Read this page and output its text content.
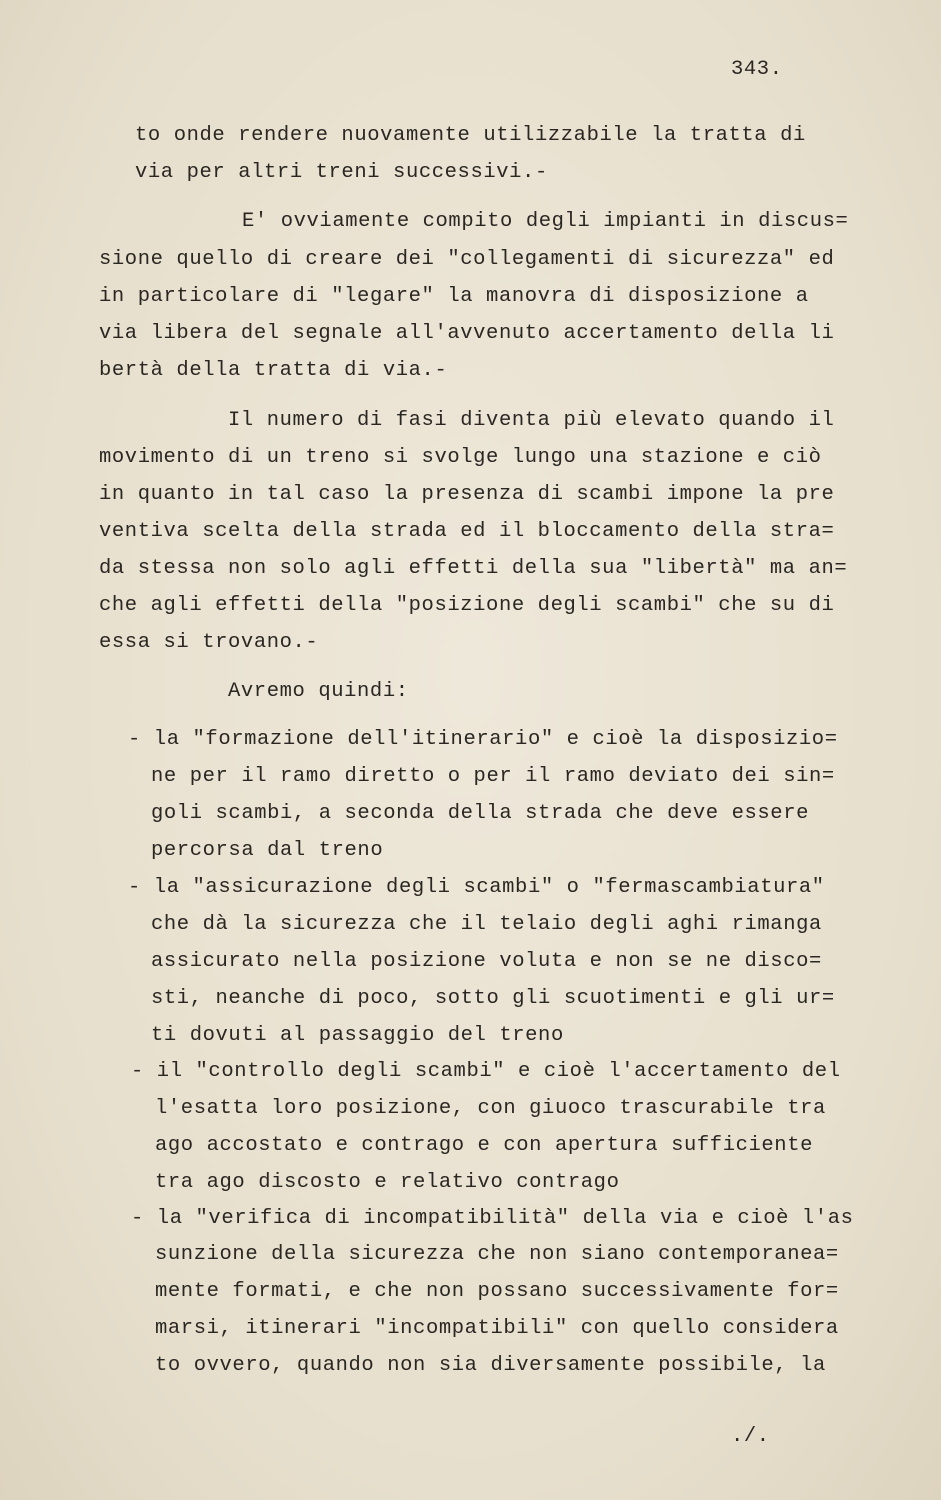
343.
to onde rendere nuovamente utilizzabile la tratta di
via per altri treni successivi.-
E' ovviamente compito degli impianti in discus=
sione quello di creare dei "collegamenti di sicurezza" ed
in particolare di "legare" la manovra di disposizione a
via libera del segnale all'avvenuto accertamento della li
bertà della tratta di via.-
Il numero di fasi diventa più elevato quando il
movimento di un treno si svolge lungo una stazione e ciò
in quanto in tal caso la presenza di scambi impone la pre
ventiva scelta della strada ed il bloccamento della stra=
da stessa non solo agli effetti della sua "libertà" ma an=
che agli effetti della "posizione degli scambi" che su di
essa si trovano.-
Avremo quindi:
- la "formazione dell'itinerario" e cioè la disposizio=
ne per il ramo diretto o per il ramo deviato dei sin=
goli scambi, a seconda della strada che deve essere
percorsa dal treno
- la "assicurazione degli scambi" o "fermascambiatura"
che dà la sicurezza che il telaio degli aghi rimanga
assicurato nella posizione voluta e non se ne disco=
sti, neanche di poco, sotto gli scuotimenti e gli ur=
ti dovuti al passaggio del treno
- il "controllo degli scambi" e cioè l'accertamento del
l'esatta loro posizione, con giuoco trascurabile tra
ago accostato e contrago e con apertura sufficiente
tra ago discosto e relativo contrago
- la "verifica di incompatibilità" della via e cioè l'as
sunzione della sicurezza che non siano contemporanea=
mente formati, e che non possano successivamente for=
marsi, itinerari "incompatibili" con quello considera
to ovvero, quando non sia diversamente possibile, la
./.
